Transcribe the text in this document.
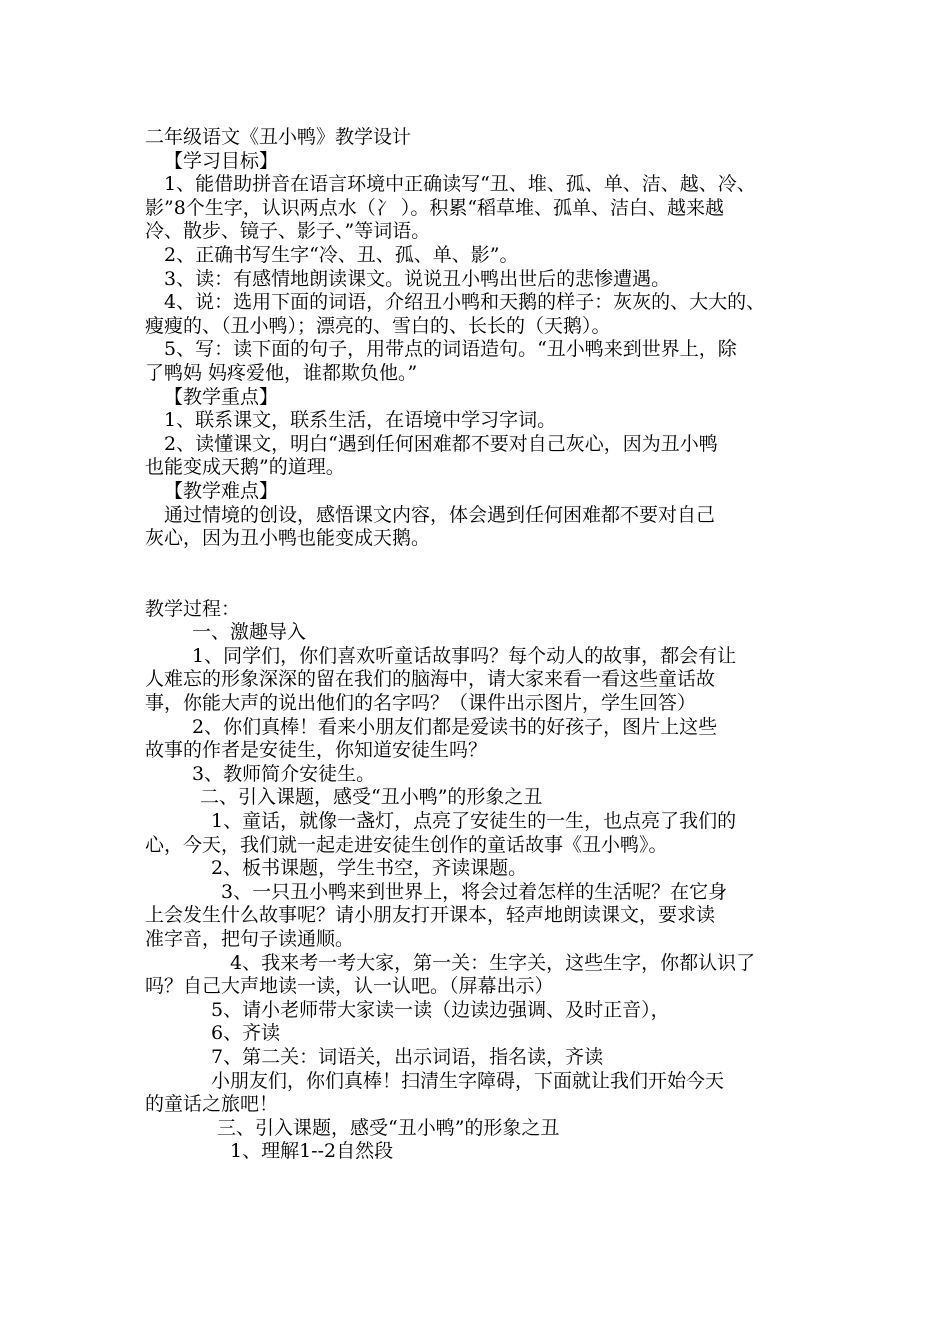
二年级语文《丑小鸭》教学设计

【学习目标】

1、能借助拼音在语言环境中正确读写“丑、堆、孤、单、洁、越、冷、

影”8个生字，认识两点水（冫 ）。积累“稻草堆、孤单、洁白、越来越

冷、散步、镜子、影子、”等词语。

2、正确书写生字“冷、丑、孤、单、影”。

3、读：有感情地朗读课文。说说丑小鸭出世后的悲惨遭遇。

4、说：选用下面的词语，介绍丑小鸭和天鹅的样子：灰灰的、大大的、

瘦瘦的、（丑小鸭）；漂亮的、雪白的、长长的（天鹅）。

5、写：读下面的句子，用带点的词语造句。“丑小鸭来到世界上，除

了鸭妈 妈疼爱他，谁都欺负他。”

【教学重点】

1、联系课文，联系生活，在语境中学习字词。

2、读懂课文，明白“遇到任何困难都不要对自己灰心，因为丑小鸭

也能变成天鹅”的道理。

【教学难点】

通过情境的创设，感悟课文内容，体会遇到任何困难都不要对自己

灰心，因为丑小鸭也能变成天鹅。

教学过程：

一、激趣导入

1、同学们，你们喜欢听童话故事吗？每个动人的故事，都会有让

人难忘的形象深深的留在我们的脑海中，请大家来看一看这些童话故

事，你能大声的说出他们的名字吗？（课件出示图片，学生回答）

2、你们真棒！看来小朋友们都是爱读书的好孩子，图片上这些

故事的作者是安徒生，你知道安徒生吗？

3、教师简介安徒生。

二、引入课题，感受“丑小鸭”的形象之丑

1、童话，就像一盏灯，点亮了安徒生的一生，也点亮了我们的

心，今天，我们就一起走进安徒生创作的童话故事《丑小鸭》。

2、板书课题，学生书空，齐读课题。

3、一只丑小鸭来到世界上，将会过着怎样的生活呢？在它身

上会发生什么故事呢？请小朋友打开课本，轻声地朗读课文，要求读

准字音，把句子读通顺。

4、我来考一考大家，第一关：生字关，这些生字，你都认识了

吗？自己大声地读一读，认一认吧。（屏幕出示）

5、请小老师带大家读一读（边读边强调、及时正音），

6、齐读

7、第二关：词语关，出示词语，指名读，齐读

小朋友们，你们真棒！扫清生字障碍，下面就让我们开始今天

的童话之旅吧！

三、引入课题，感受“丑小鸭”的形象之丑

1、理解1--2自然段
